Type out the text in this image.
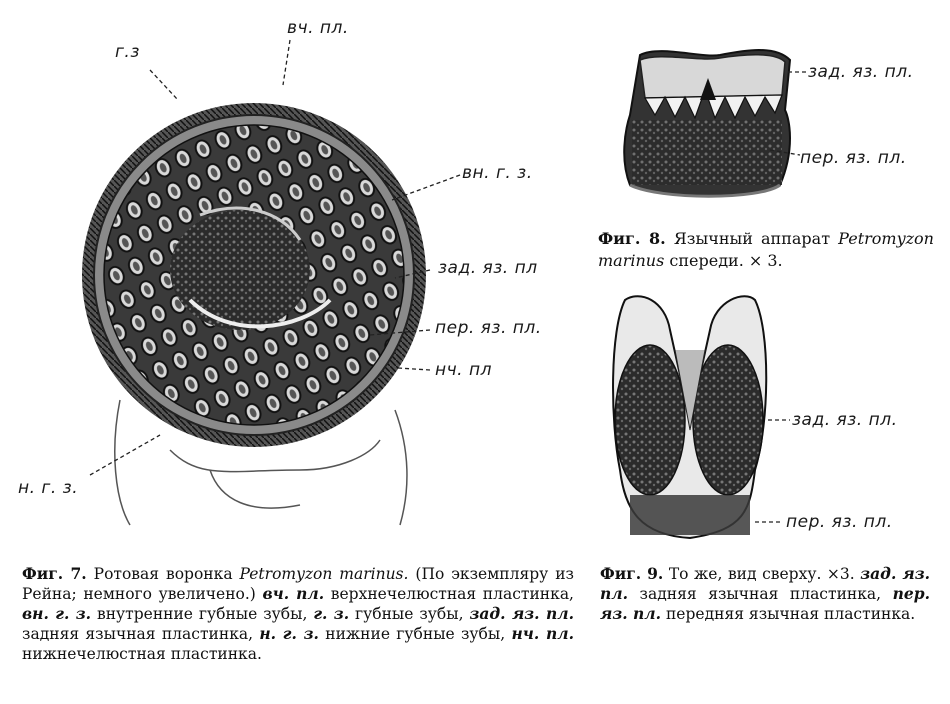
г.з
вч. пл.
вн. г. з.
зад. яз. пл
пер. яз. пл.
нч. пл
н. г. з.
зад. яз. пл.
пер. яз. пл.
зад. яз. пл.
пер. яз. пл.
Фиг. 8. Язычный аппарат Petromyzon marinus спереди. × 3.
Фиг. 7. Ротовая воронка Petromyzon marinus. (По экземпляру из Рейна; немного увеличено.) вч. пл. верхнечелюстная пластинка, вн. г. з. внутренние губные зубы, г. з. губные зубы, зад. яз. пл. задняя язычная пластинка, н. г. з. нижние губные зубы, нч. пл. нижнечелюстная пластинка.
Фиг. 9. То же, вид сверху. ×3. зад. яз. пл. задняя язычная пластинка, пер. яз. пл. передняя язычная пластинка.
